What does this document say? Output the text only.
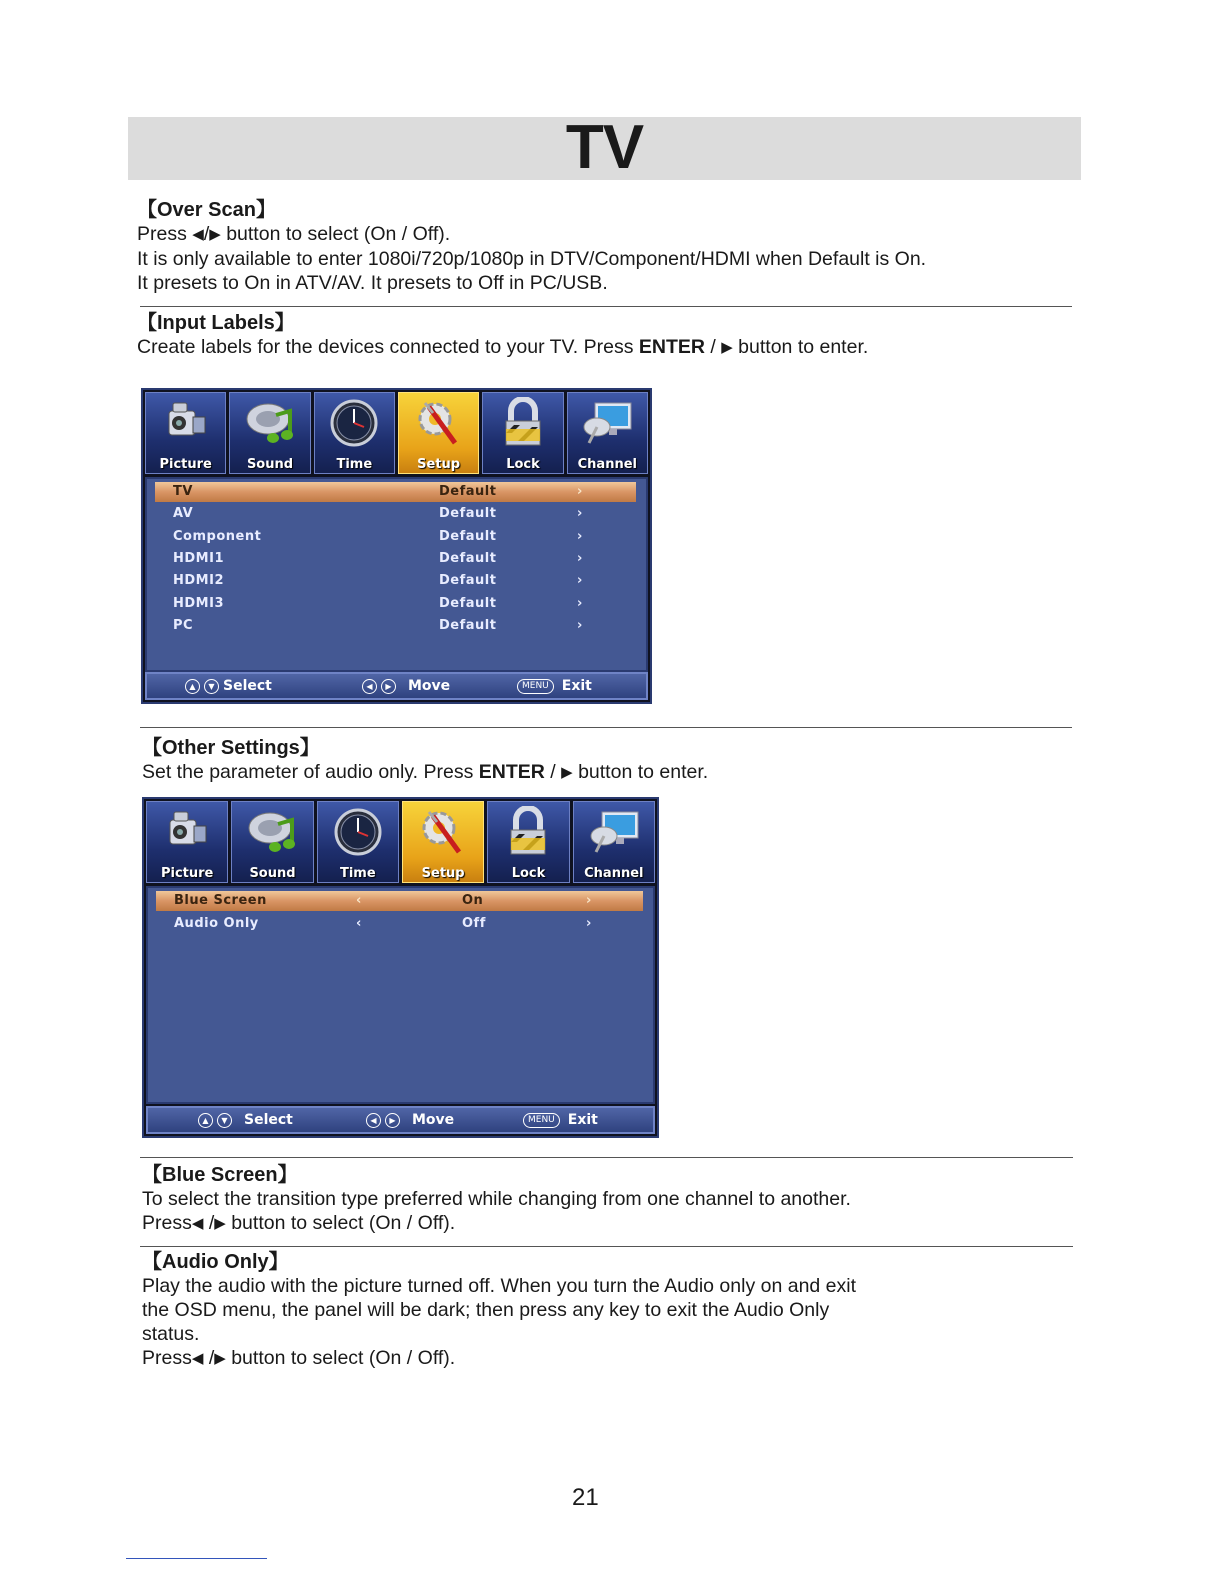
TV
【Over Scan】
Press ◀/▶ button to select (On / Off).
It is only available to enter 1080i/720p/1080p in DTV/Component/HDMI when Default is On.
It presets to On in ATV/AV. It presets to Off in PC/USB.
【Input Labels】
Create labels for the devices connected to your TV. Press ENTER / ▶ button to enter.
Picture	Sound	Time	Setup	Lock	Channel
TV	Default	›
AV	Default	›
Component	Default	›
HDMI1	Default	›
HDMI2	Default	›
HDMI3	Default	›
PC	Default	›
▲	▼ Select	◀	▶	Move	MENU Exit
【Other Settings】
Set the parameter of audio only. Press ENTER / ▶ button to enter.
Picture	Sound	Time	Setup	Lock	Channel
Blue Screen	‹	On	›
Audio Only	‹	Off	›
▲	▼	Select	◀	▶	Move	MENU Exit
【Blue Screen】
To select the transition type preferred while changing from one channel to another.
Press◀ /▶ button to select (On / Off).
【Audio Only】
Play the audio with the picture turned off. When you turn the Audio only on and exit
the OSD menu, the panel will be dark; then press any key to exit the Audio Only
status.
Press◀ /▶ button to select (On / Off).
21
